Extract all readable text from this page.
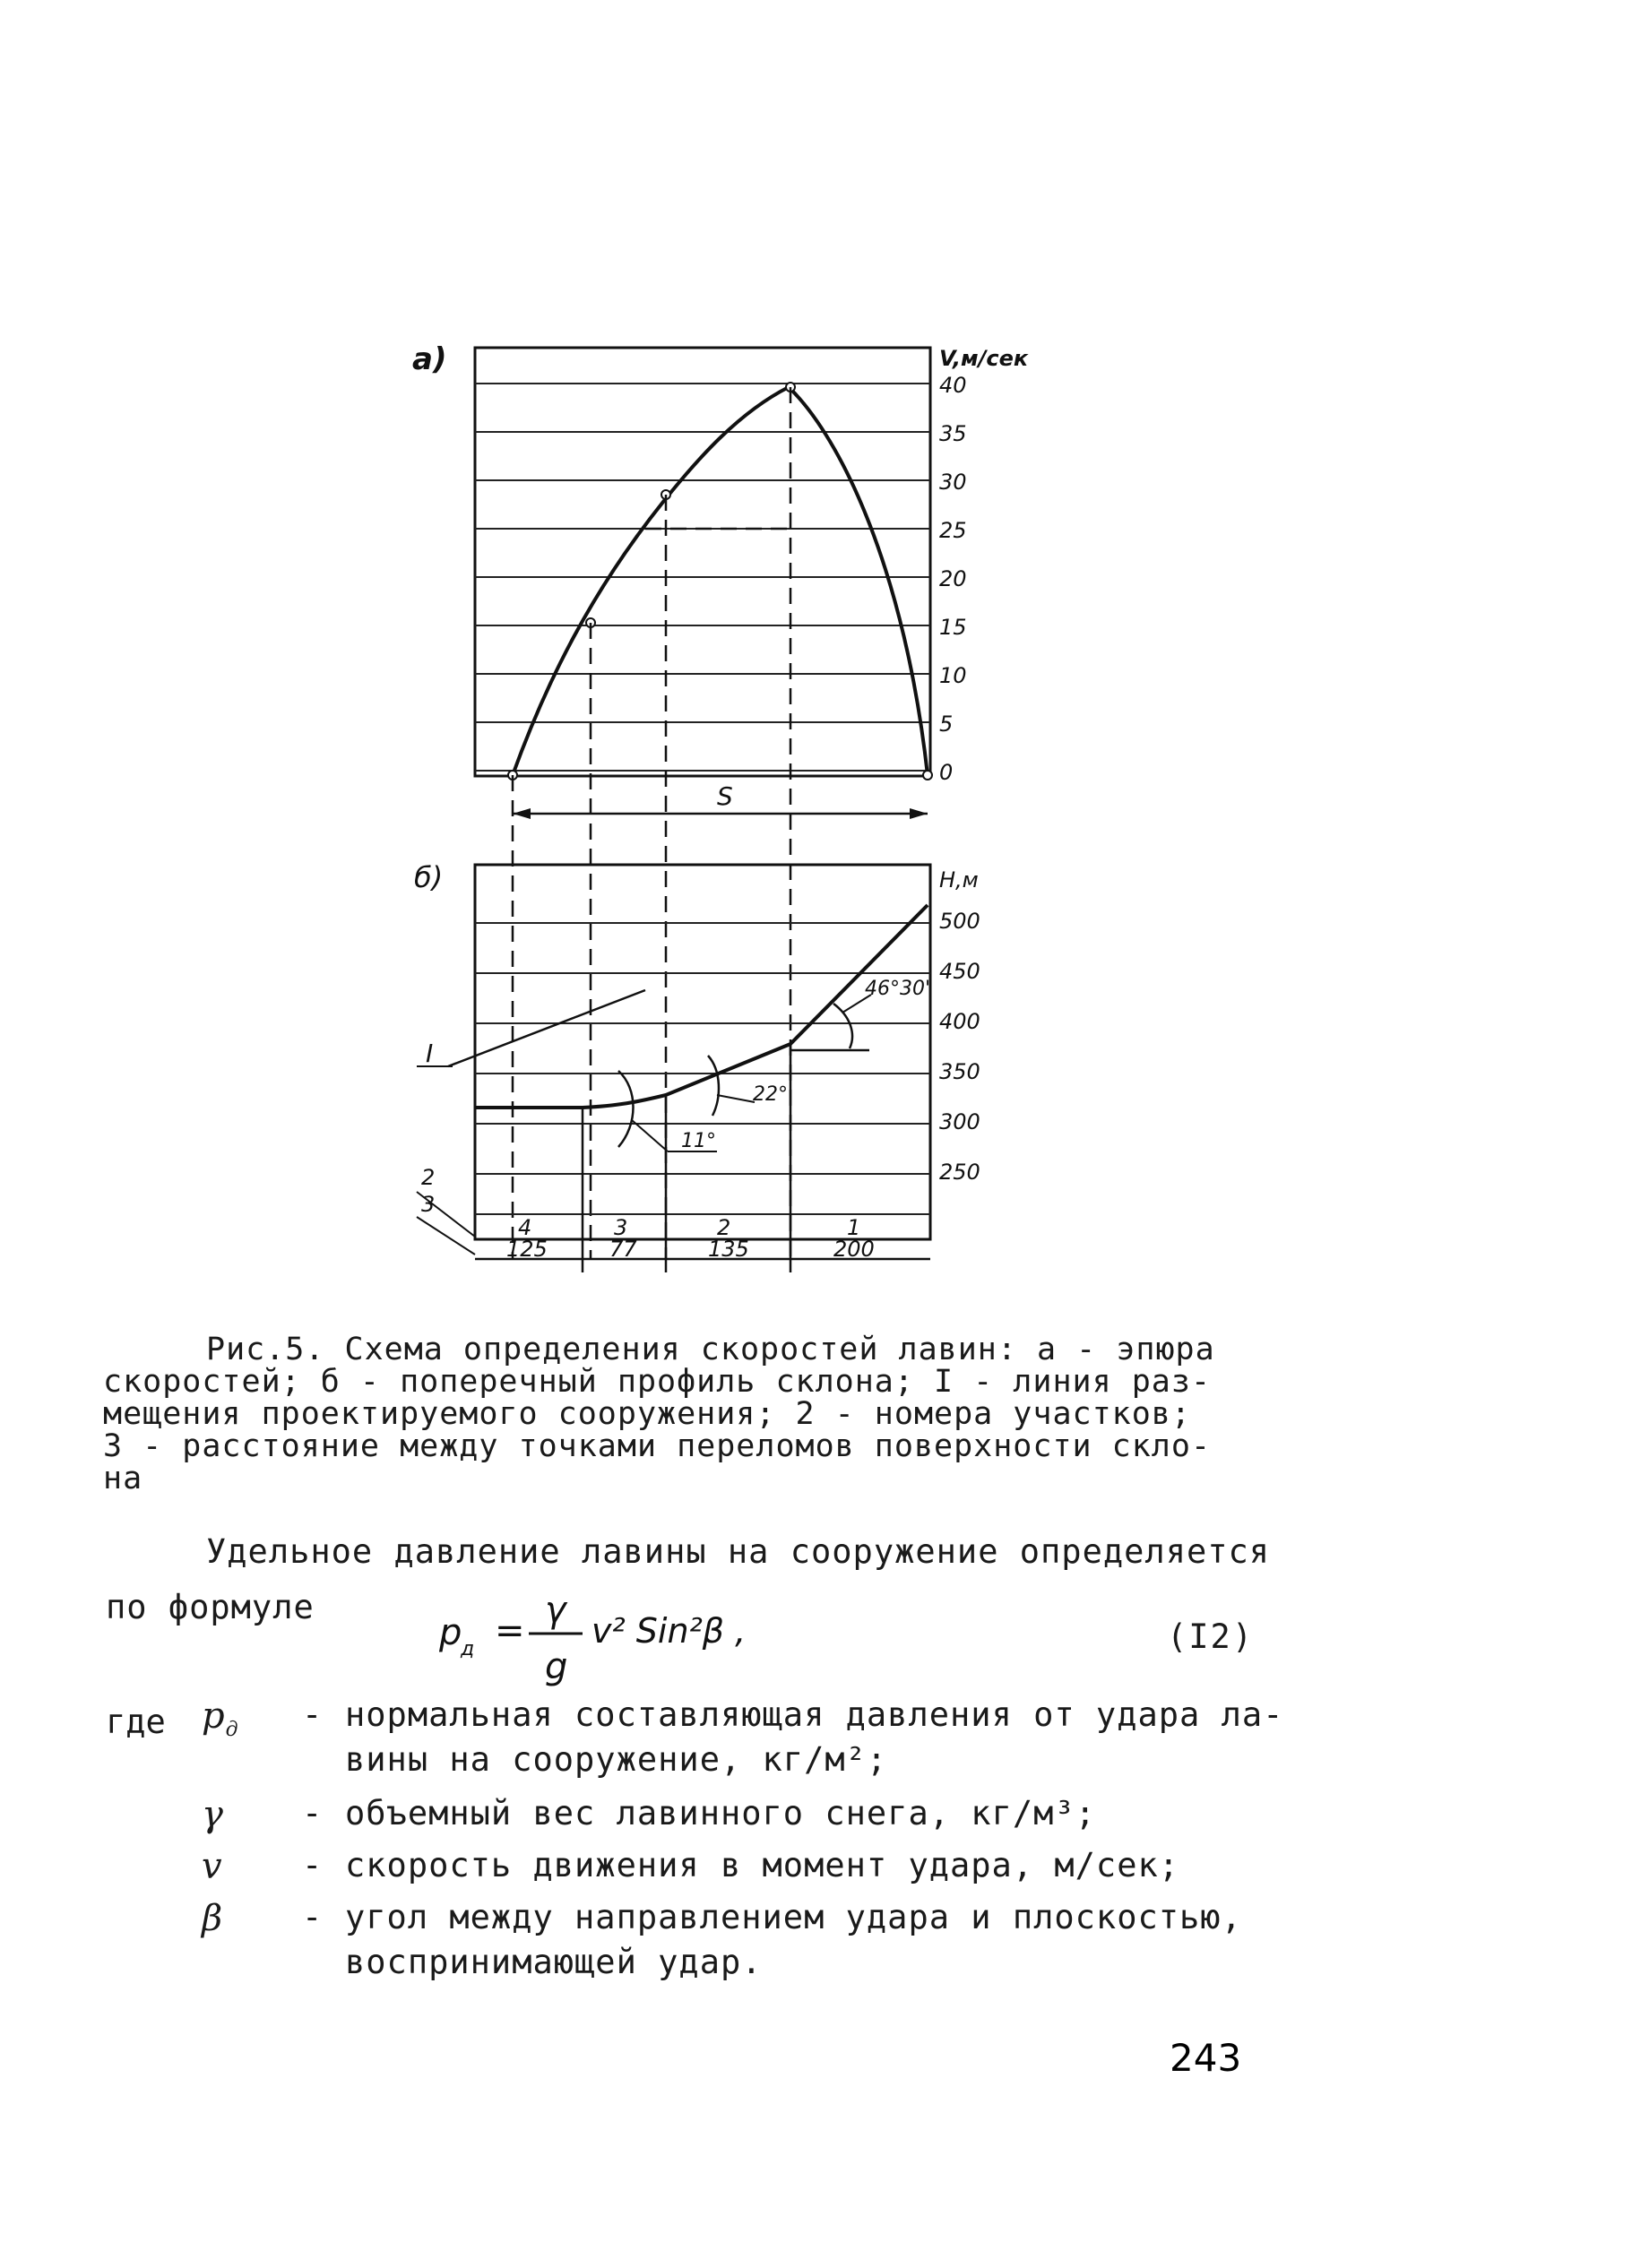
а)	V,м/сек
40
35
30
25
20
15
10
5
0
S
б)	Н,м
500
450
400
350
300
250
I
46°30'
22°
11°
2
3
4	3	2	1
125	77	135	200
Рис.5. Схема определения скоростей лавин: а - эпюра
скоростей; б - поперечный профиль склона; I - линия раз-
мещения проектируемого сооружения; 2 - номера участков;
3 - расстояние между точками переломов поверхности скло-
на
Удельное давление лавины на сооружение определяется
по формуле
р
д = γ
g
v² Sin²β ,	(I2)
где $р_д$	- нормальная составляющая давления от удара ла-
вины на сооружение, кг/м²;
γ	- объемный вес лавинного снега, кг/м³;
v	- скорость движения в момент удара, м/сек;
β	- угол между направлением удара и плоскостью,
воспринимающей удар.
243
